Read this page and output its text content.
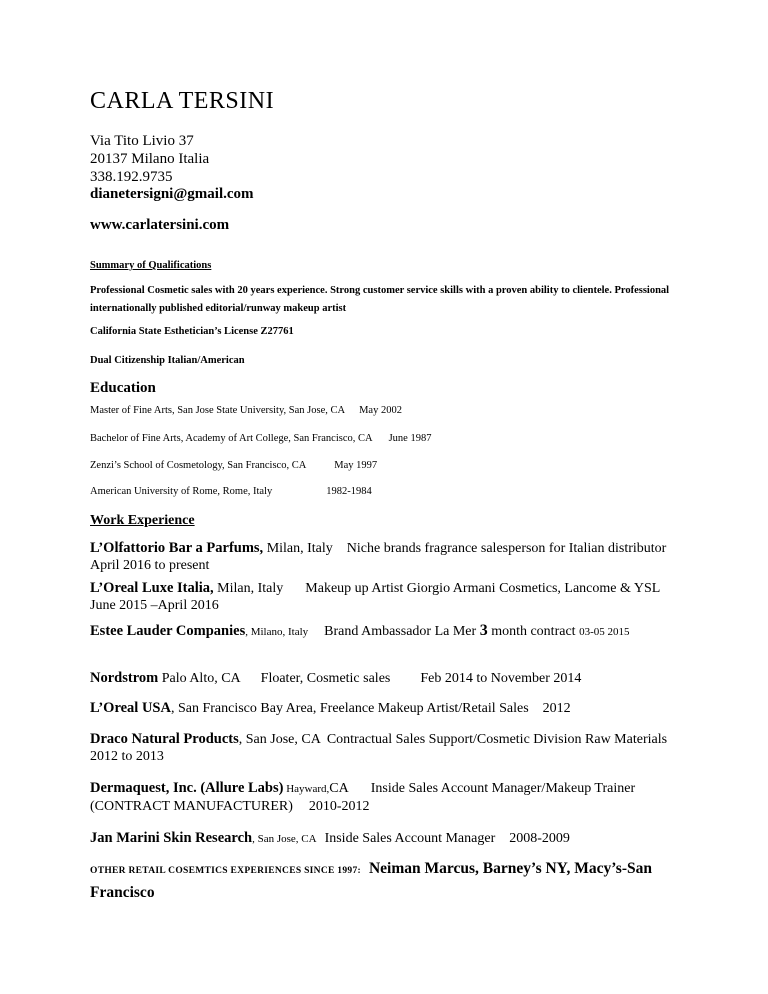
CARLA TERSINI
Via Tito Livio 37
20137 Milano Italia
338.192.9735
dianetersigni@gmail.com
www.carlatersini.com
Summary of Qualifications
Professional Cosmetic sales with 20 years experience. Strong customer service skills with a proven ability to clientele. Professional internationally published editorial/runway makeup artist
California State Esthetician’s License Z27761
Dual Citizenship Italian/American
Education
Master of Fine Arts, San Jose State University, San Jose, CA May 2002
Bachelor of Fine Arts, Academy of Art College, San Francisco, CA June 1987
Zenzi’s School of Cosmetology, San Francisco, CA	May 1997
American University of Rome, Rome, Italy	1982-1984
Work Experience
L’Olfattorio Bar a Parfums, Milan, Italy Niche brands fragrance salesperson for Italian distributorApril 2016 to present
L’Oreal Luxe Italia, Milan, Italy Makeup up Artist Giorgio Armani Cosmetics, Lancome & YSL
June 2015 –April 2016
Estee Lauder Companies, Milano, Italy Brand Ambassador La Mer 3 month contract 03-05 2015
Nordstrom Palo Alto, CA Floater, Cosmetic sales Feb 2014 to November 2014
L’Oreal USA, San Francisco Bay Area, Freelance Makeup Artist/Retail Sales 2012
Draco Natural Products, San Jose, CA Contractual Sales Support/Cosmetic Division Raw Materials2012 to 2013
Dermaquest, Inc. (Allure Labs) Hayward,CA Inside Sales Account Manager/Makeup Trainer (CONTRACT MANUFACTURER) 2010-2012
Jan Marini Skin Research, San Jose, CA Inside Sales Account Manager 2008-2009
OTHER RETAIL COSEMTICS EXPERIENCES SINCE 1997: Neiman Marcus, Barney’s NY, Macy’s-San Francisco
